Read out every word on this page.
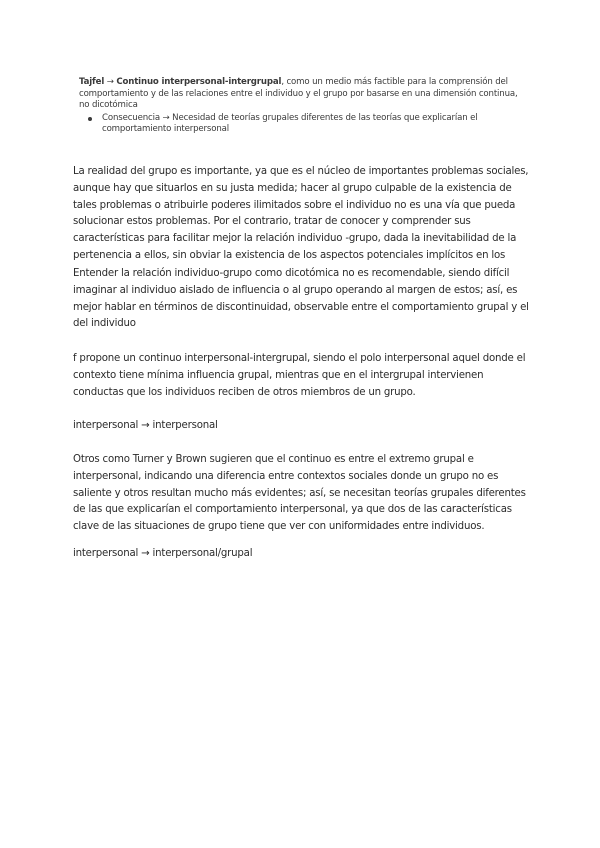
Tajfel → Continuo interpersonal-intergrupal, como un medio más factible para la comprensión del comportamiento y de las relaciones entre el individuo y el grupo por basarse en una dimensión continua, no dicotómica

Consecuencia → Necesidad de teorías grupales diferentes de las teorías que explicarían el comportamiento interpersonal

La realidad del grupo es importante, ya que es el núcleo de importantes problemas sociales, aunque hay que situarlos en su justa medida; hacer al grupo culpable de la existencia de tales problemas o atribuirle poderes ilimitados sobre el individuo no es una vía que pueda solucionar estos problemas. Por el contrario, tratar de conocer y comprender sus características para facilitar mejor la relación individuo -grupo, dada la inevitabilidad de la pertenencia a ellos, sin obviar la existencia de los aspectos potenciales implícitos en los

Entender la relación individuo-grupo como dicotómica no es recomendable, siendo difícil imaginar al individuo aislado de influencia o al grupo operando al margen de estos; así, es mejor hablar en términos de discontinuidad, observable entre el comportamiento grupal y el del individuo

f propone un continuo interpersonal-intergrupal, siendo el polo interpersonal aquel donde el contexto tiene mínima influencia grupal, mientras que en el intergrupal intervienen conductas que los individuos reciben de otros miembros de un grupo.

interpersonal → interpersonal

Otros como Turner y Brown sugieren que el continuo es entre el extremo grupal e interpersonal, indicando una diferencia entre contextos sociales donde un grupo no es saliente y otros resultan mucho más evidentes; así, se necesitan teorías grupales diferentes de las que explicarían el comportamiento interpersonal, ya que dos de las características clave de las situaciones de grupo tiene que ver con uniformidades entre individuos.

interpersonal → interpersonal/grupal
